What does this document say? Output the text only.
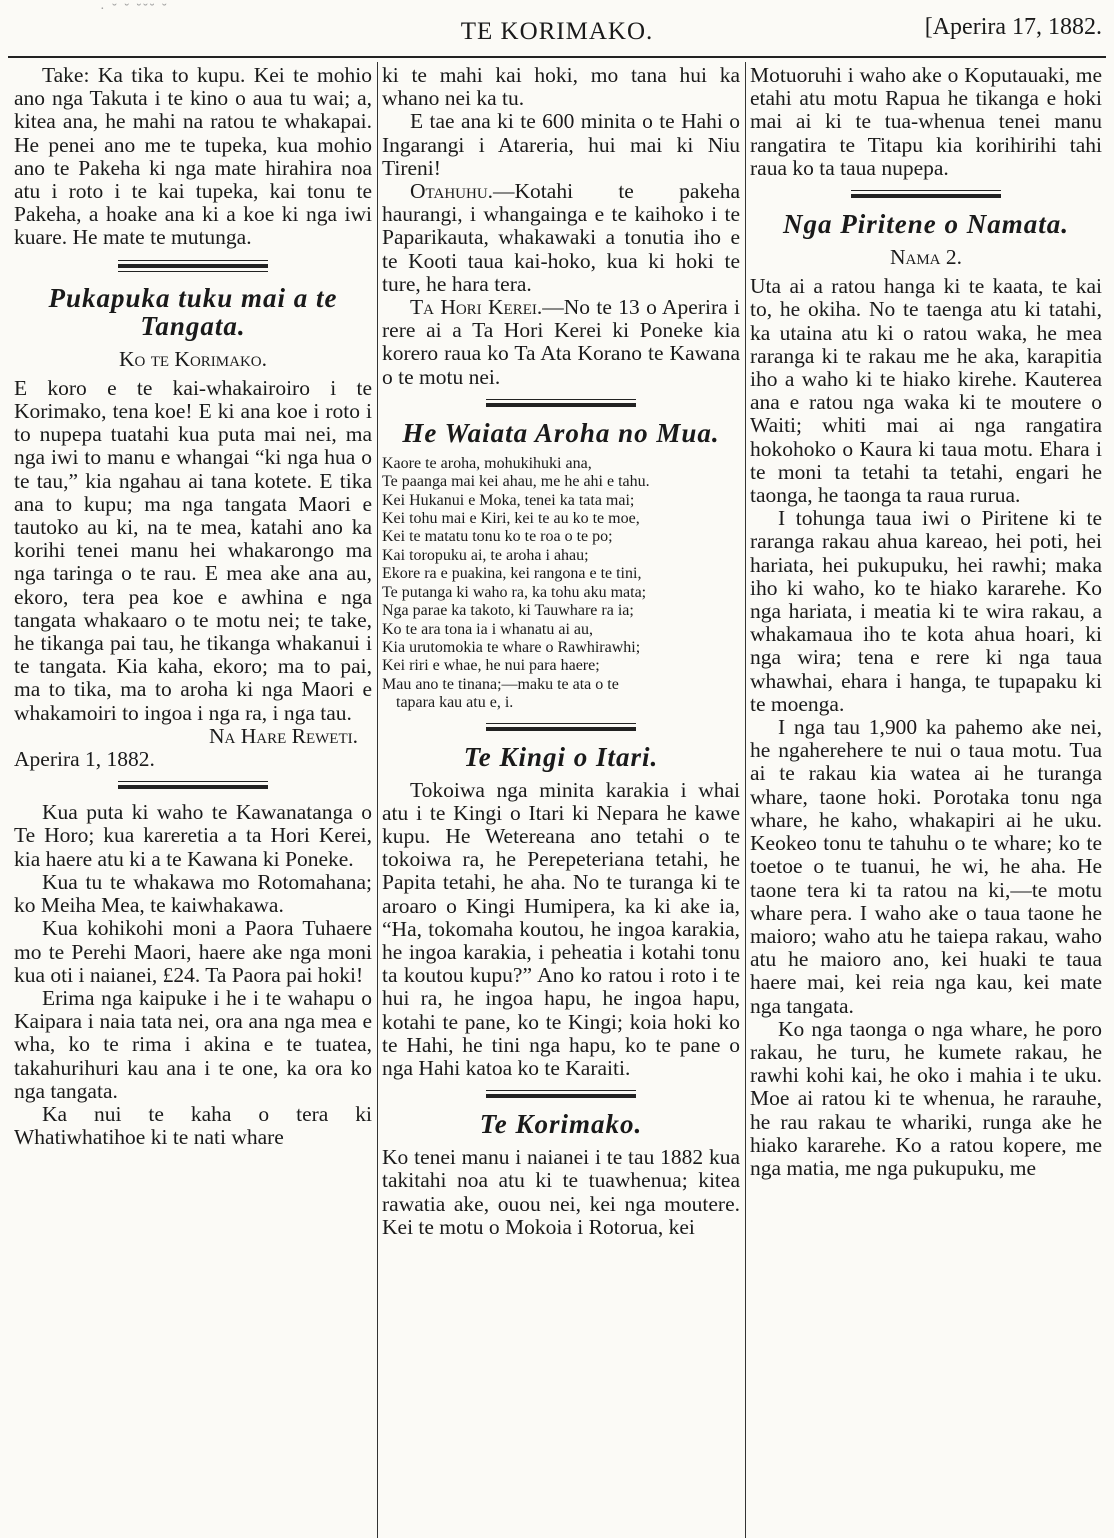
· ˘ ˘ ˘˘˘ ˘
TE KORIMAKO.	[Aperira 17, 1882.

Take: Ka tika to kupu. Kei te mohio ano nga Takuta i te kino o aua tu wai; a, kitea ana, he mahi na ratou te whakapai. He penei ano me te tupeka, kua mohio ano te Pakeha ki nga mate hirahira noa atu i roto i te kai tupeka, kai tonu te Pakeha, a hoake ana ki a koe ki nga iwi kuare. He mate te mutunga.

Pukapuka tuku mai a te Tangata.
Ko te Korimako.

E koro e te kai-whakairoiro i te Korimako, tena koe! E ki ana koe i roto i to nupepa tuatahi kua puta mai nei, ma nga iwi to manu e whangai “ki nga hua o te tau,” kia ngahau ai tana kotete. E tika ana to kupu; ma nga tangata Maori e tautoko au ki, na te mea, katahi ano ka korihi tenei manu hei whakarongo ma nga taringa o te rau. E mea ake ana au, ekoro, tera pea koe e awhina e nga tangata whakaaro o te motu nei; te take, he tikanga pai tau, he tikanga whakanui i te tangata. Kia kaha, ekoro; ma to pai, ma to tika, ma to aroha ki nga Maori e whakamoiri to ingoa i nga ra, i nga tau.

Na Hare Reweti.

Aperira 1, 1882.

Kua puta ki waho te Kawanatanga o Te Horo; kua kareretia a ta Hori Kerei, kia haere atu ki a te Kawana ki Poneke.

Kua tu te whakawa mo Rotomahana; ko Meiha Mea, te kaiwhakawa.

Kua kohikohi moni a Paora Tuhaere mo te Perehi Maori, haere ake nga moni kua oti i naianei, £24. Ta Paora pai hoki!

Erima nga kaipuke i he i te wahapu o Kaipara i naia tata nei, ora ana nga mea e wha, ko te rima i akina e te tuatea, takahurihuri kau ana i te one, ka ora ko nga tangata.

Ka nui te kaha o tera ki Whatiwhatihoe ki te nati whare

ki te mahi kai hoki, mo tana hui ka whano nei ka tu.

E tae ana ki te 600 minita o te Hahi o Ingarangi i Atareria, hui mai ki Niu Tireni!

Otahuhu.—Kotahi te pakeha haurangi, i whangainga e te kaihoko i te Paparikauta, whakawaki a tonutia iho e te Kooti taua kai-hoko, kua ki hoki te ture, he hara tera.

Ta Hori Kerei.—No te 13 o Aperira i rere ai a Ta Hori Kerei ki Poneke kia korero raua ko Ta Ata Korano te Kawana o te motu nei.

He Waiata Aroha no Mua.
Kaore te aroha, mohukihuki ana,
Te paanga mai kei ahau, me he ahi e tahu.
Kei Hukanui e Moka, tenei ka tata mai;
Kei tohu mai e Kiri, kei te au ko te moe,
Kei te matatu tonu ko te roa o te po;
Kai toropuku ai, te aroha i ahau;
Ekore ra e puakina, kei rangona e te tini,
Te putanga ki waho ra, ka tohu aku mata;
Nga parae ka takoto, ki Tauwhare ra ia;
Ko te ara tona ia i whanatu ai au,
Kia urutomokia te whare o Rawhirawhi;
Kei riri e whae, he nui para haere;
Mau ano te tinana;—maku te ata o te
tapara kau atu e, i.
Te Kingi o Itari.

Tokoiwa nga minita karakia i whai atu i te Kingi o Itari ki Nepara he kawe kupu. He Wetereana ano tetahi o te tokoiwa ra, he Perepeteriana tetahi, he Papita tetahi, he aha. No te turanga ki te aroaro o Kingi Humipera, ka ki ake ia, “Ha, tokomaha koutou, he ingoa karakia, he ingoa karakia, i peheatia i kotahi tonu ta koutou kupu?” Ano ko ratou i roto i te hui ra, he ingoa hapu, he ingoa hapu, kotahi te pane, ko te Kingi; koia hoki ko te Hahi, he tini nga hapu, ko te pane o nga Hahi katoa ko te Karaiti.

Te Korimako.

Ko tenei manu i naianei i te tau 1882 kua takitahi noa atu ki te tuawhenua; kitea rawatia ake, ouou nei, kei nga moutere. Kei te motu o Mokoia i Rotorua, kei

Motuoruhi i waho ake o Koputauaki, me etahi atu motu Rapua he tikanga e hoki mai ai ki te tua-whenua tenei manu rangatira te Titapu kia korihirihi tahi raua ko ta taua nupepa.

Nga Piritene o Namata.
Nama 2.

Uta ai a ratou hanga ki te kaata, te kai to, he okiha. No te taenga atu ki tatahi, ka utaina atu ki o ratou waka, he mea raranga ki te rakau me he aka, karapitia iho a waho ki te hiako kirehe. Kauterea ana e ratou nga waka ki te moutere o Waiti; whiti mai ai nga rangatira hokohoko o Kaura ki taua motu. Ehara i te moni ta tetahi ta tetahi, engari he taonga, he taonga ta raua rurua.

I tohunga taua iwi o Piritene ki te raranga rakau ahua kareao, hei poti, hei hariata, hei pukupuku, hei rawhi; maka iho ki waho, ko te hiako kararehe. Ko nga hariata, i meatia ki te wira rakau, a whakamaua iho te kota ahua hoari, ki nga wira; tena e rere ki nga taua whawhai, ehara i hanga, te tupapaku ki te moenga.

I nga tau 1,900 ka pahemo ake nei, he ngaherehere te nui o taua motu. Tua ai te rakau kia watea ai he turanga whare, taone hoki. Porotaka tonu nga whare, he kaho, whakapiri ai he uku. Keokeo tonu te tahuhu o te whare; ko te toetoe o te tuanui, he wi, he aha. He taone tera ki ta ratou na ki,—te motu whare pera. I waho ake o taua taone he maioro; waho atu he taiepa rakau, waho atu he maioro ano, kei huaki te taua haere mai, kei reia nga kau, kei mate nga tangata.

Ko nga taonga o nga whare, he poro rakau, he turu, he kumete rakau, he rawhi kohi kai, he oko i mahia i te uku. Moe ai ratou ki te whenua, he rarauhe, he rau rakau te whariki, runga ake he hiako kararehe. Ko a ratou kopere, me nga matia, me nga pukupuku, me
